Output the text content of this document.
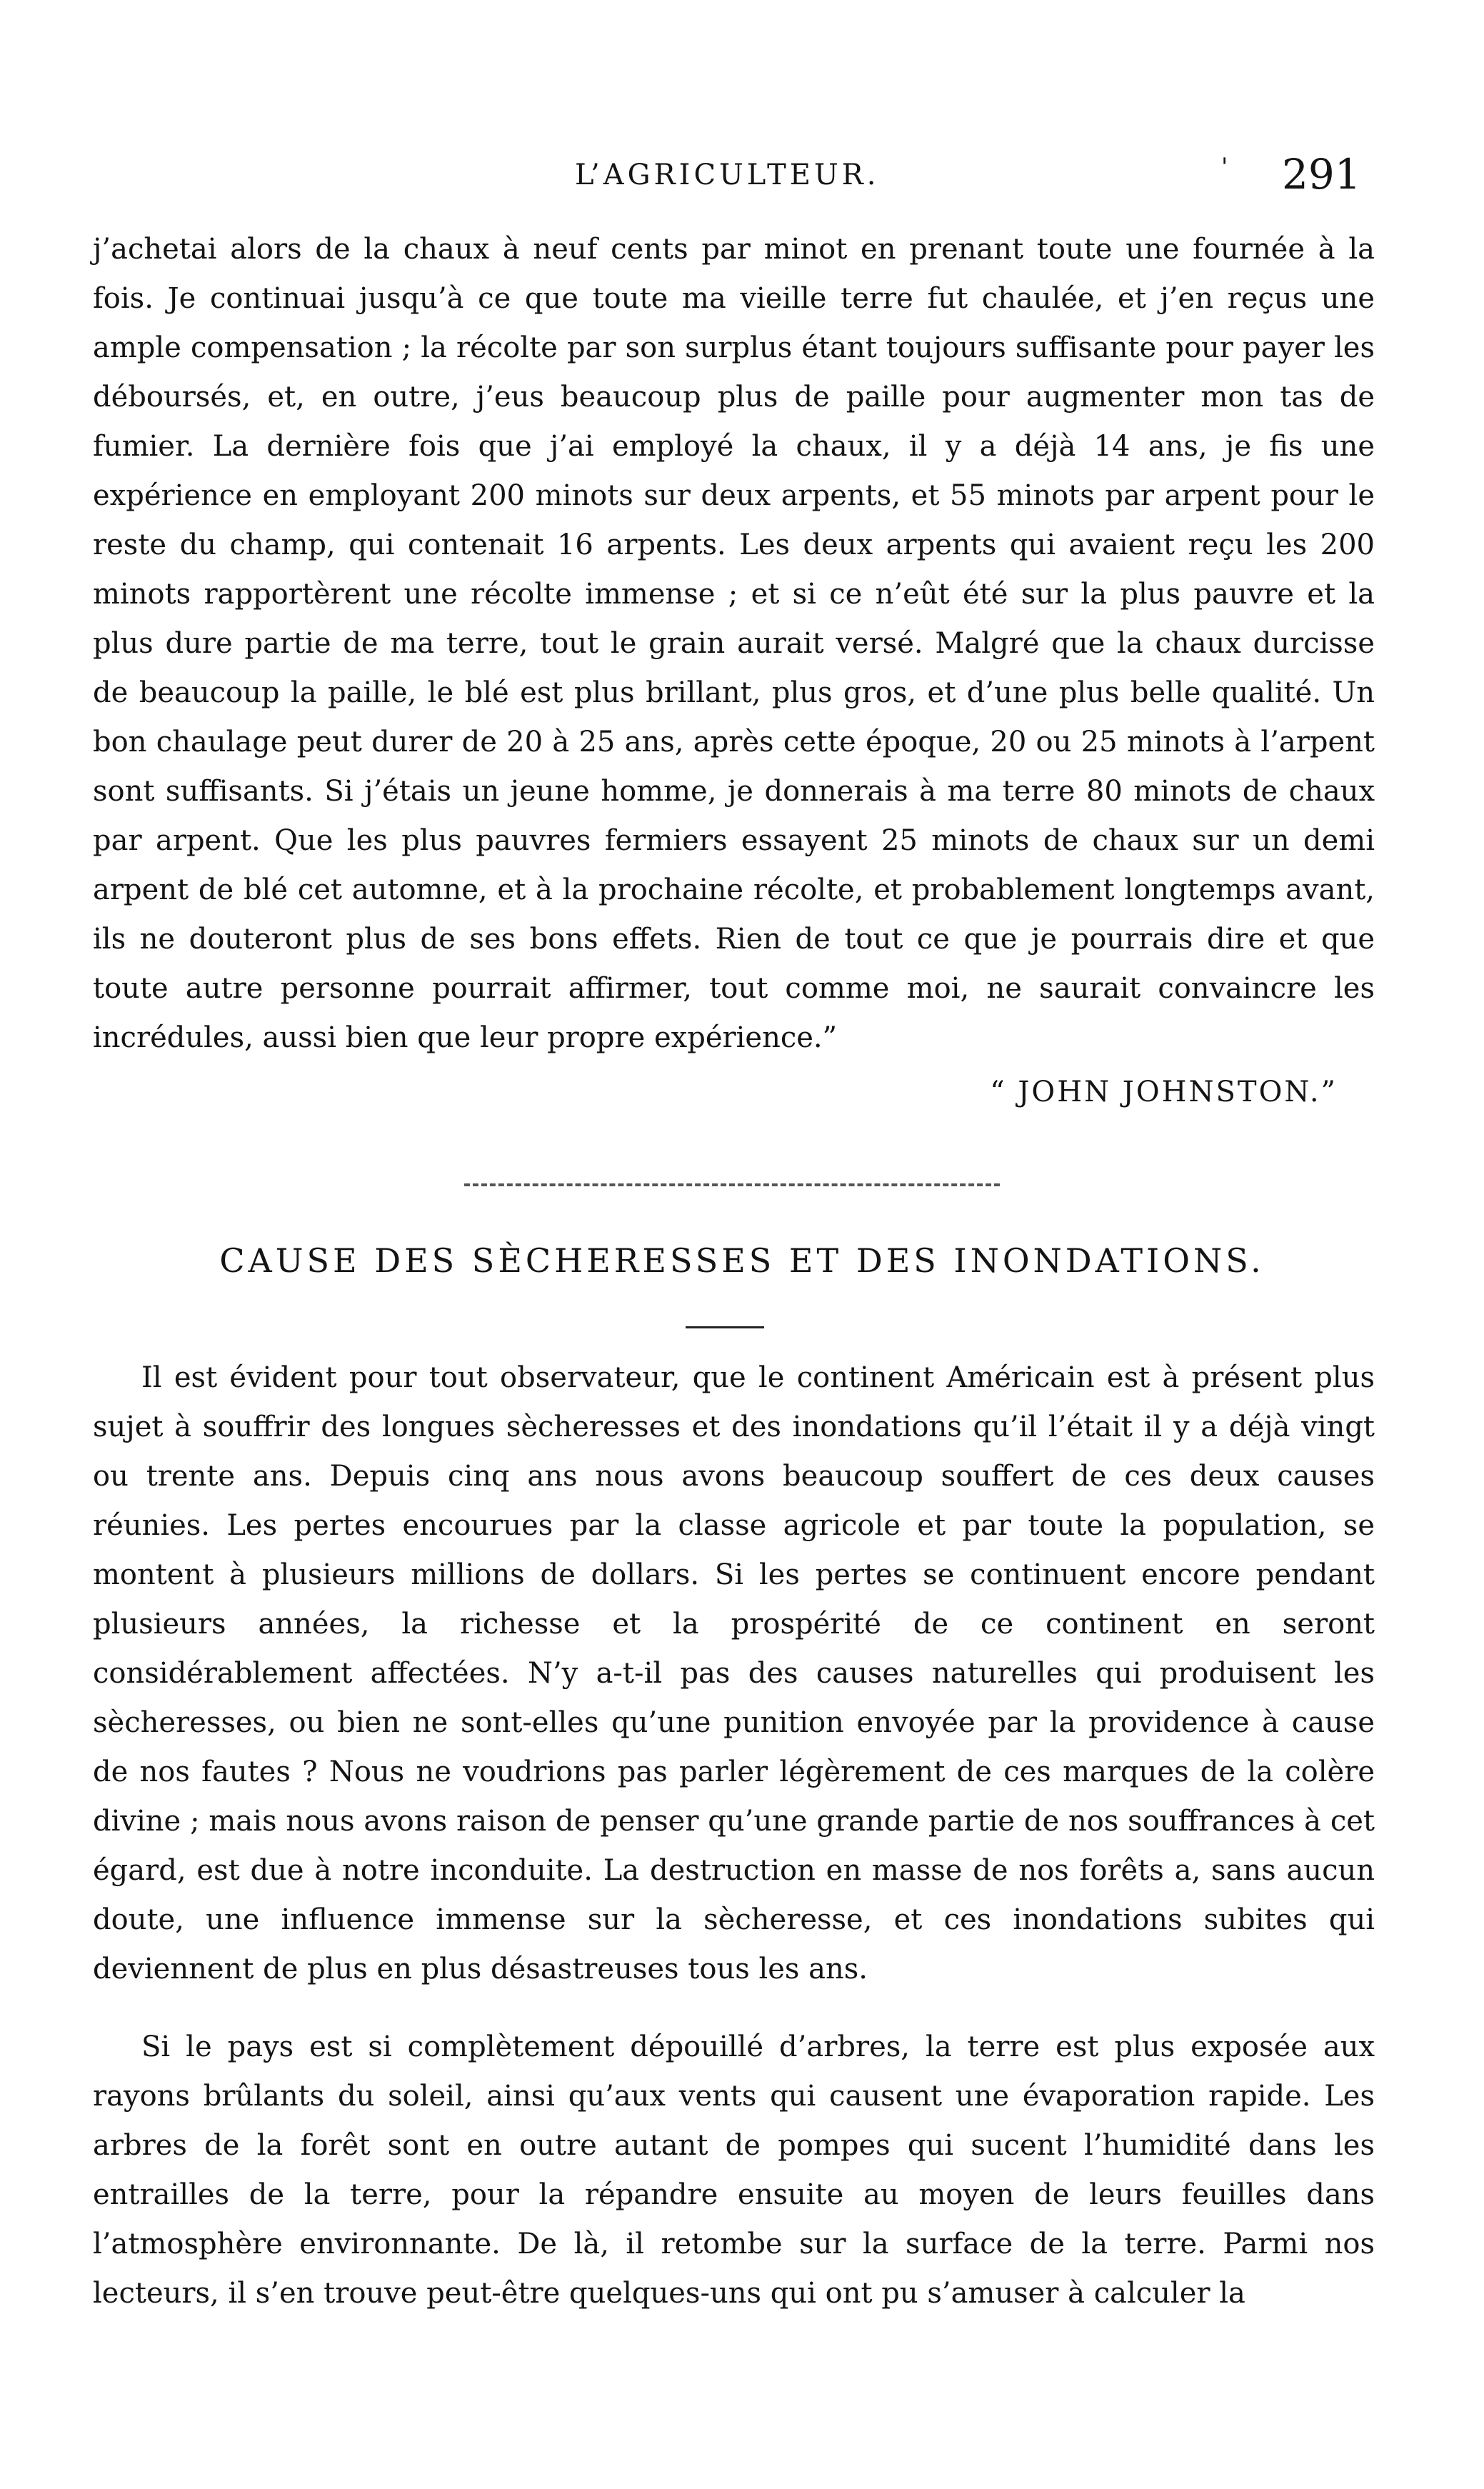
L’AGRICULTEUR.	' 291

j’achetai alors de la chaux à neuf cents par minot en prenant toute une fournée à la fois. Je continuai jusqu’à ce que toute ma vieille terre fut chaulée, et j’en reçus une ample compensation ; la récolte par son surplus étant toujours suffisante pour payer les déboursés, et, en outre, j’eus beaucoup plus de paille pour augmenter mon tas de fumier. La dernière fois que j’ai employé la chaux, il y a déjà 14 ans, je fis une expérience en employant 200 minots sur deux arpents, et 55 minots par arpent pour le reste du champ, qui contenait 16 arpents. Les deux arpents qui avaient reçu les 200 minots rapportèrent une récolte immense ; et si ce n’eût été sur la plus pauvre et la plus dure partie de ma terre, tout le grain aurait versé. Malgré que la chaux durcisse de beaucoup la paille, le blé est plus brillant, plus gros, et d’une plus belle qualité. Un bon chaulage peut durer de 20 à 25 ans, après cette époque, 20 ou 25 minots à l’arpent sont suffisants. Si j’étais un jeune homme, je donnerais à ma terre 80 minots de chaux par arpent. Que les plus pauvres fermiers essayent 25 minots de chaux sur un demi arpent de blé cet automne, et à la prochaine récolte, et probablement longtemps avant, ils ne douteront plus de ses bons effets. Rien de tout ce que je pourrais dire et que toute autre personne pourrait affirmer, tout comme moi, ne saurait convaincre les incrédules, aussi bien que leur propre expérience.”

“ JOHN JOHNSTON.”
CAUSE DES SÈCHERESSES ET DES INONDATIONS.

Il est évident pour tout observateur, que le continent Américain est à présent plus sujet à souffrir des longues sècheresses et des inondations qu’il l’était il y a déjà vingt ou trente ans. Depuis cinq ans nous avons beaucoup souffert de ces deux causes réunies. Les pertes encourues par la classe agricole et par toute la population, se montent à plusieurs millions de dollars. Si les pertes se continuent encore pendant plusieurs années, la richesse et la prospérité de ce continent en seront considérablement affectées. N’y a-t-il pas des causes naturelles qui produisent les sècheresses, ou bien ne sont-elles qu’une punition envoyée par la providence à cause de nos fautes ? Nous ne voudrions pas parler légèrement de ces marques de la colère divine ; mais nous avons raison de penser qu’une grande partie de nos souffrances à cet égard, est due à notre inconduite. La destruction en masse de nos forêts a, sans aucun doute, une influence immense sur la sècheresse, et ces inondations subites qui deviennent de plus en plus désastreuses tous les ans.

Si le pays est si complètement dépouillé d’arbres, la terre est plus exposée aux rayons brûlants du soleil, ainsi qu’aux vents qui causent une évaporation rapide. Les arbres de la forêt sont en outre autant de pompes qui sucent l’humidité dans les entrailles de la terre, pour la répandre ensuite au moyen de leurs feuilles dans l’atmosphère environnante. De là, il retombe sur la surface de la terre. Parmi nos lecteurs, il s’en trouve peut-être quelques-uns qui ont pu s’amuser à calculer la
